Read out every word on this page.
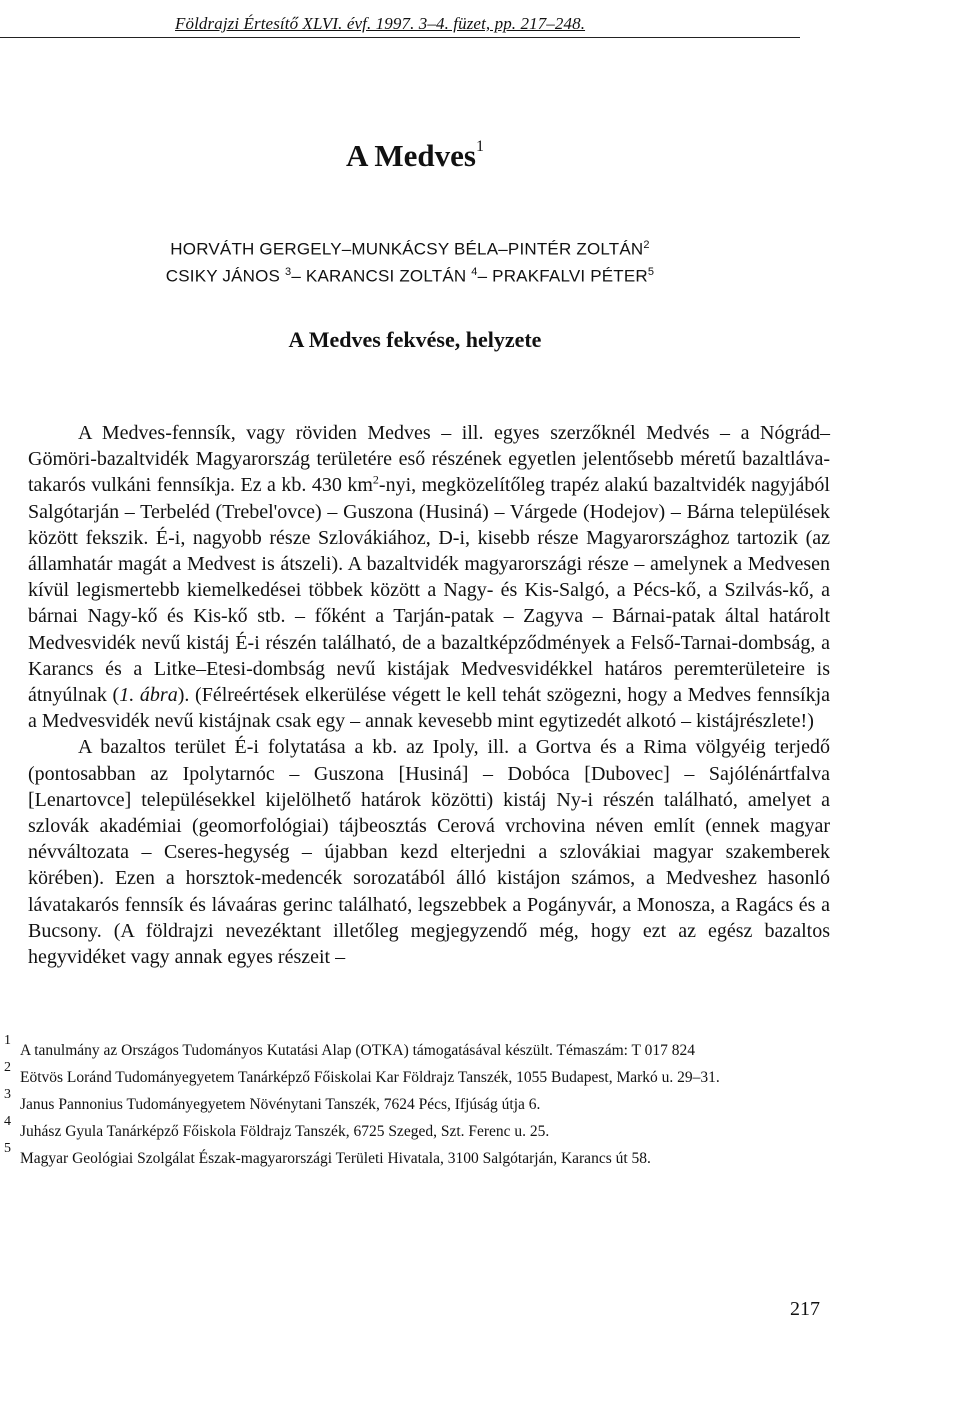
Földrajzi Értesítő XLVI. évf. 1997. 3–4. füzet, pp. 217–248.
A Medves$^1$
HORVÁTH GERGELY–MUNKÁCSY BÉLA–PINTÉR ZOLTÁN$^2$
CSIKY JÁNOS $^3$– KARANCSI ZOLTÁN $^4$– PRAKFALVI PÉTER$^5$
A Medves fekvése, helyzete

A Medves-fennsík, vagy röviden Medves – ill. egyes szerzőknél Medvés – a Nógrád–Gömöri-bazaltvidék Magyarország területére eső részének egyetlen jelentősebb méretű bazaltláva-takarós vulkáni fennsíkja. Ez a kb. 430 $km^2$-nyi, megközelítőleg trapéz alakú bazaltvidék nagyjából Salgótarján – Terbeléd (Trebel'ovce) – Guszona (Husiná) – Várgede (Hodejov) – Bárna települések között fekszik. É-i, nagyobb része Szlovákiához, D-i, kisebb része Magyarországhoz tartozik (az államhatár magát a Medvest is átszeli). A bazaltvidék magyarországi része – amelynek a Medvesen kívül legismertebb kiemelkedései többek között a Nagy- és Kis-Salgó, a Pécs-kő, a Szilvás-kő, a bárnai Nagy-kő és Kis-kő stb. – főként a Tarján-patak – Zagyva – Bárnai-patak által határolt Medvesvidék nevű kistáj É-i részén található, de a bazaltképződmények a Felső-Tarnai-dombság, a Karancs és a Litke–Etesi-dombság nevű kistájak Medvesvidékkel határos peremterületeire is átnyúlnak (1. ábra). (Félreértések elkerülése végett le kell tehát szögezni, hogy a Medves fennsíkja a Medvesvidék nevű kistájnak csak egy – annak kevesebb mint egytizedét alkotó – kistájrészlete!)

A bazaltos terület É-i folytatása a kb. az Ipoly, ill. a Gortva és a Rima völgyéig terjedő (pontosabban az Ipolytarnóc – Guszona [Husiná] – Dobóca [Dubovec] – Sajólénártfalva [Lenartovce] településekkel kijelölhető határok közötti) kistáj Ny-i részén található, amelyet a szlovák akadémiai (geomorfológiai) tájbeosztás Cerová vrchovina néven említ (ennek magyar névváltozata – Cseres-hegység – újabban kezd elterjedni a szlovákiai magyar szakemberek körében). Ezen a horsztok-medencék sorozatából álló kistájon számos, a Medveshez hasonló lávatakarós fennsík és lávaáras gerinc található, legszebbek a Pogányvár, a Monosza, a Ragács és a Bucsony. (A földrajzi nevezéktant illetőleg megjegyzendő még, hogy ezt az egész bazaltos hegyvidéket vagy annak egyes részeit –

1
A tanulmány az Országos Tudományos Kutatási Alap (OTKA) támogatásával készült. Témaszám: T 017 824
2
Eötvös Loránd Tudományegyetem Tanárképző Főiskolai Kar Földrajz Tanszék, 1055 Budapest, Markó u. 29–31.
3
Janus Pannonius Tudományegyetem Növénytani Tanszék, 7624 Pécs, Ifjúság útja 6.
4
Juhász Gyula Tanárképző Főiskola Földrajz Tanszék, 6725 Szeged, Szt. Ferenc u. 25.
5
Magyar Geológiai Szolgálat Észak-magyarországi Területi Hivatala, 3100 Salgótarján, Karancs út 58.
217
